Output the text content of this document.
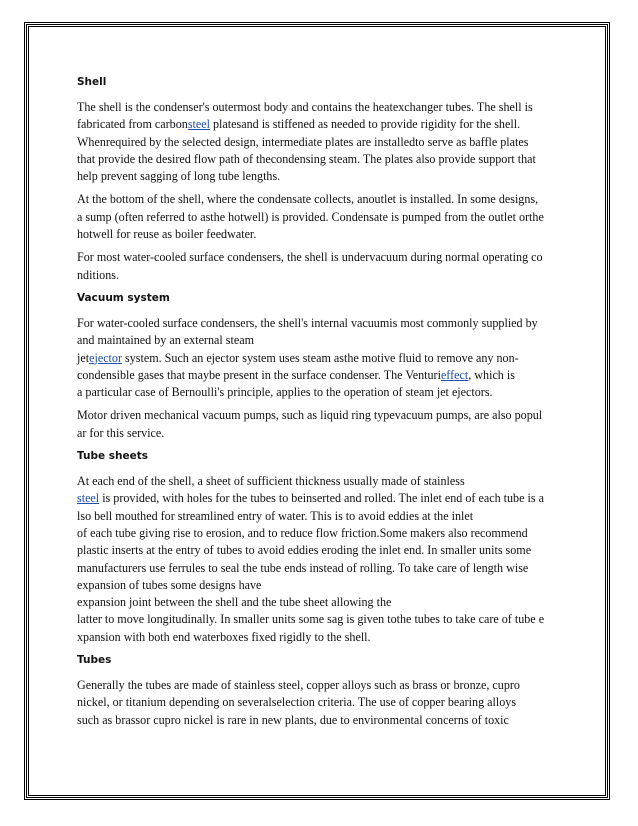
Shell

The shell is the condenser's outermost body and contains the heatexchanger tubes. The shell is
fabricated from carbonsteel platesand is stiffened as needed to provide rigidity for the shell.
Whenrequired by the selected design, intermediate plates are installedto serve as baffle plates
that provide the desired flow path of thecondensing steam. The plates also provide support that
help prevent sagging of long tube lengths.

At the bottom of the shell, where the condensate collects, anoutlet is installed. In some designs,
a sump (often referred to asthe hotwell) is provided. Condensate is pumped from the outlet orthe
hotwell for reuse as boiler feedwater.

For most water-cooled surface condensers, the shell is undervacuum during normal operating co
nditions.

Vacuum system

For water-cooled surface condensers, the shell's internal vacuumis most commonly supplied by
and maintained by an external steam
jetejector system. Such an ejector system uses steam asthe motive fluid to remove any non-
condensible gases that maybe present in the surface condenser. The Venturieffect, which is
a particular case of Bernoulli's principle, applies to the operation of steam jet ejectors.

Motor driven mechanical vacuum pumps, such as liquid ring typevacuum pumps, are also popul
ar for this service.

Tube sheets

At each end of the shell, a sheet of sufficient thickness usually made of stainless
steel is provided, with holes for the tubes to beinserted and rolled. The inlet end of each tube is a
lso bell mouthed for streamlined entry of water. This is to avoid eddies at the inlet
of each tube giving rise to erosion, and to reduce flow friction.Some makers also recommend
plastic inserts at the entry of tubes to avoid eddies eroding the inlet end. In smaller units some
manufacturers use ferrules to seal the tube ends instead of rolling. To take care of length wise
expansion of tubes some designs have
expansion joint between the shell and the tube sheet allowing the
latter to move longitudinally. In smaller units some sag is given tothe tubes to take care of tube e
xpansion with both end waterboxes fixed rigidly to the shell.

Tubes

Generally the tubes are made of stainless steel, copper alloys such as brass or bronze, cupro
nickel, or titanium depending on severalselection criteria. The use of copper bearing alloys
such as brassor cupro nickel is rare in new plants, due to environmental concerns of toxic
